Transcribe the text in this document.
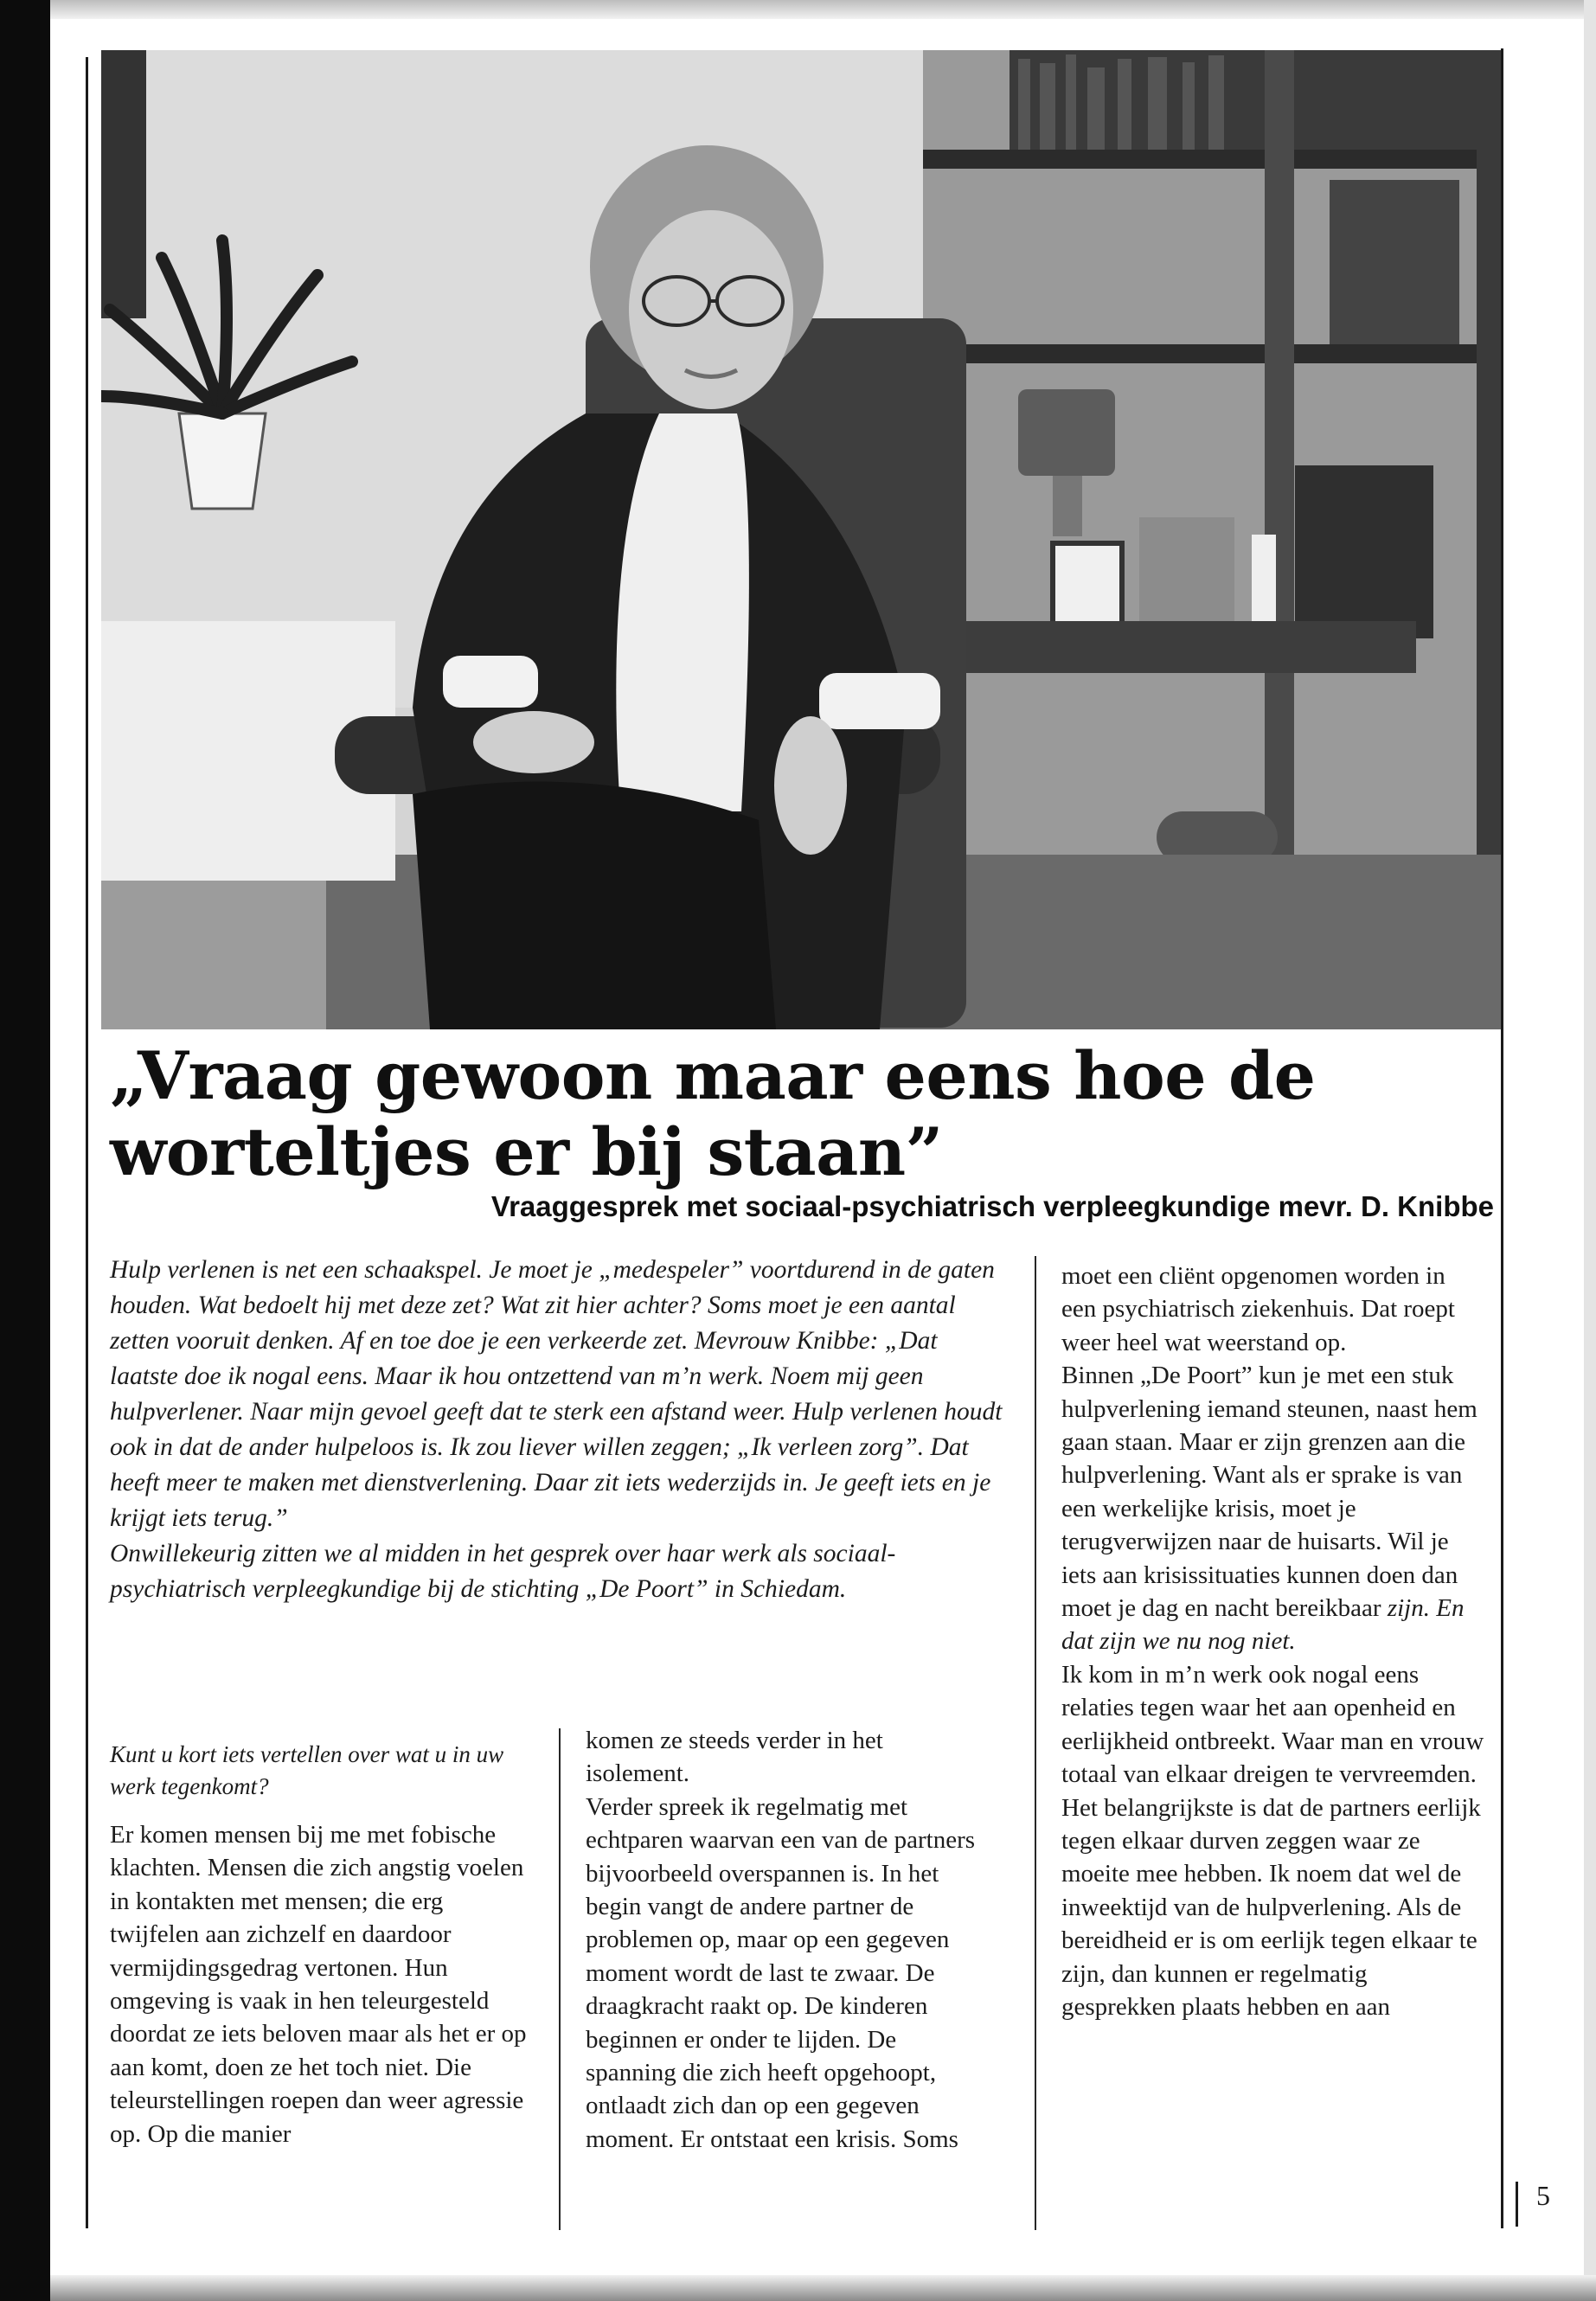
„Vraag gewoon maar eens hoe de worteltjes er bij staan”
Vraaggesprek met sociaal-psychiatrisch verpleegkundige mevr. D. Knibbe

Hulp verlenen is net een schaakspel. Je moet je „medespeler” voortdurend in de gaten houden. Wat bedoelt hij met deze zet? Wat zit hier achter? Soms moet je een aantal zetten vooruit denken. Af en toe doe je een verkeerde zet. Mevrouw Knibbe: „Dat laatste doe ik nogal eens. Maar ik hou ontzettend van m’n werk. Noem mij geen hulpverlener. Naar mijn gevoel geeft dat te sterk een afstand weer. Hulp verlenen houdt ook in dat de ander hulpeloos is. Ik zou liever willen zeggen; „Ik verleen zorg”. Dat heeft meer te maken met dienstverlening. Daar zit iets wederzijds in. Je geeft iets en je krijgt iets terug.”

Onwillekeurig zitten we al midden in het gesprek over haar werk als sociaal-psychiatrisch verpleegkundige bij de stichting „De Poort” in Schiedam.

Kunt u kort iets vertellen over wat u in uw werk tegenkomt?

Er komen mensen bij me met fobische klachten. Mensen die zich angstig voelen in kontakten met mensen; die erg twijfelen aan zichzelf en daardoor vermijdingsgedrag vertonen. Hun omgeving is vaak in hen teleurgesteld doordat ze iets beloven maar als het er op aan komt, doen ze het toch niet. Die teleurstellingen roepen dan weer agressie op. Op die manier

komen ze steeds verder in het isolement.

Verder spreek ik regelmatig met echtparen waarvan een van de partners bijvoorbeeld overspannen is. In het begin vangt de andere partner de problemen op, maar op een gegeven moment wordt de last te zwaar. De draagkracht raakt op. De kinderen beginnen er onder te lijden. De spanning die zich heeft opgehoopt, ontlaadt zich dan op een gegeven moment. Er ontstaat een krisis. Soms

moet een cliënt opgenomen worden in een psychiatrisch ziekenhuis. Dat roept weer heel wat weerstand op.

Binnen „De Poort” kun je met een stuk hulpverlening iemand steunen, naast hem gaan staan. Maar er zijn grenzen aan die hulpverlening. Want als er sprake is van een werkelijke krisis, moet je terugverwijzen naar de huisarts. Wil je iets aan krisissituaties kunnen doen dan moet je dag en nacht bereikbaar zijn. En dat zijn we nu nog niet.

Ik kom in m’n werk ook nogal eens relaties tegen waar het aan openheid en eerlijkheid ontbreekt. Waar man en vrouw totaal van elkaar dreigen te vervreemden. Het belangrijkste is dat de partners eerlijk tegen elkaar durven zeggen waar ze moeite mee hebben. Ik noem dat wel de inweektijd van de hulpverlening. Als de bereidheid er is om eerlijk tegen elkaar te zijn, dan kunnen er regelmatig gesprekken plaats hebben en aan

5
